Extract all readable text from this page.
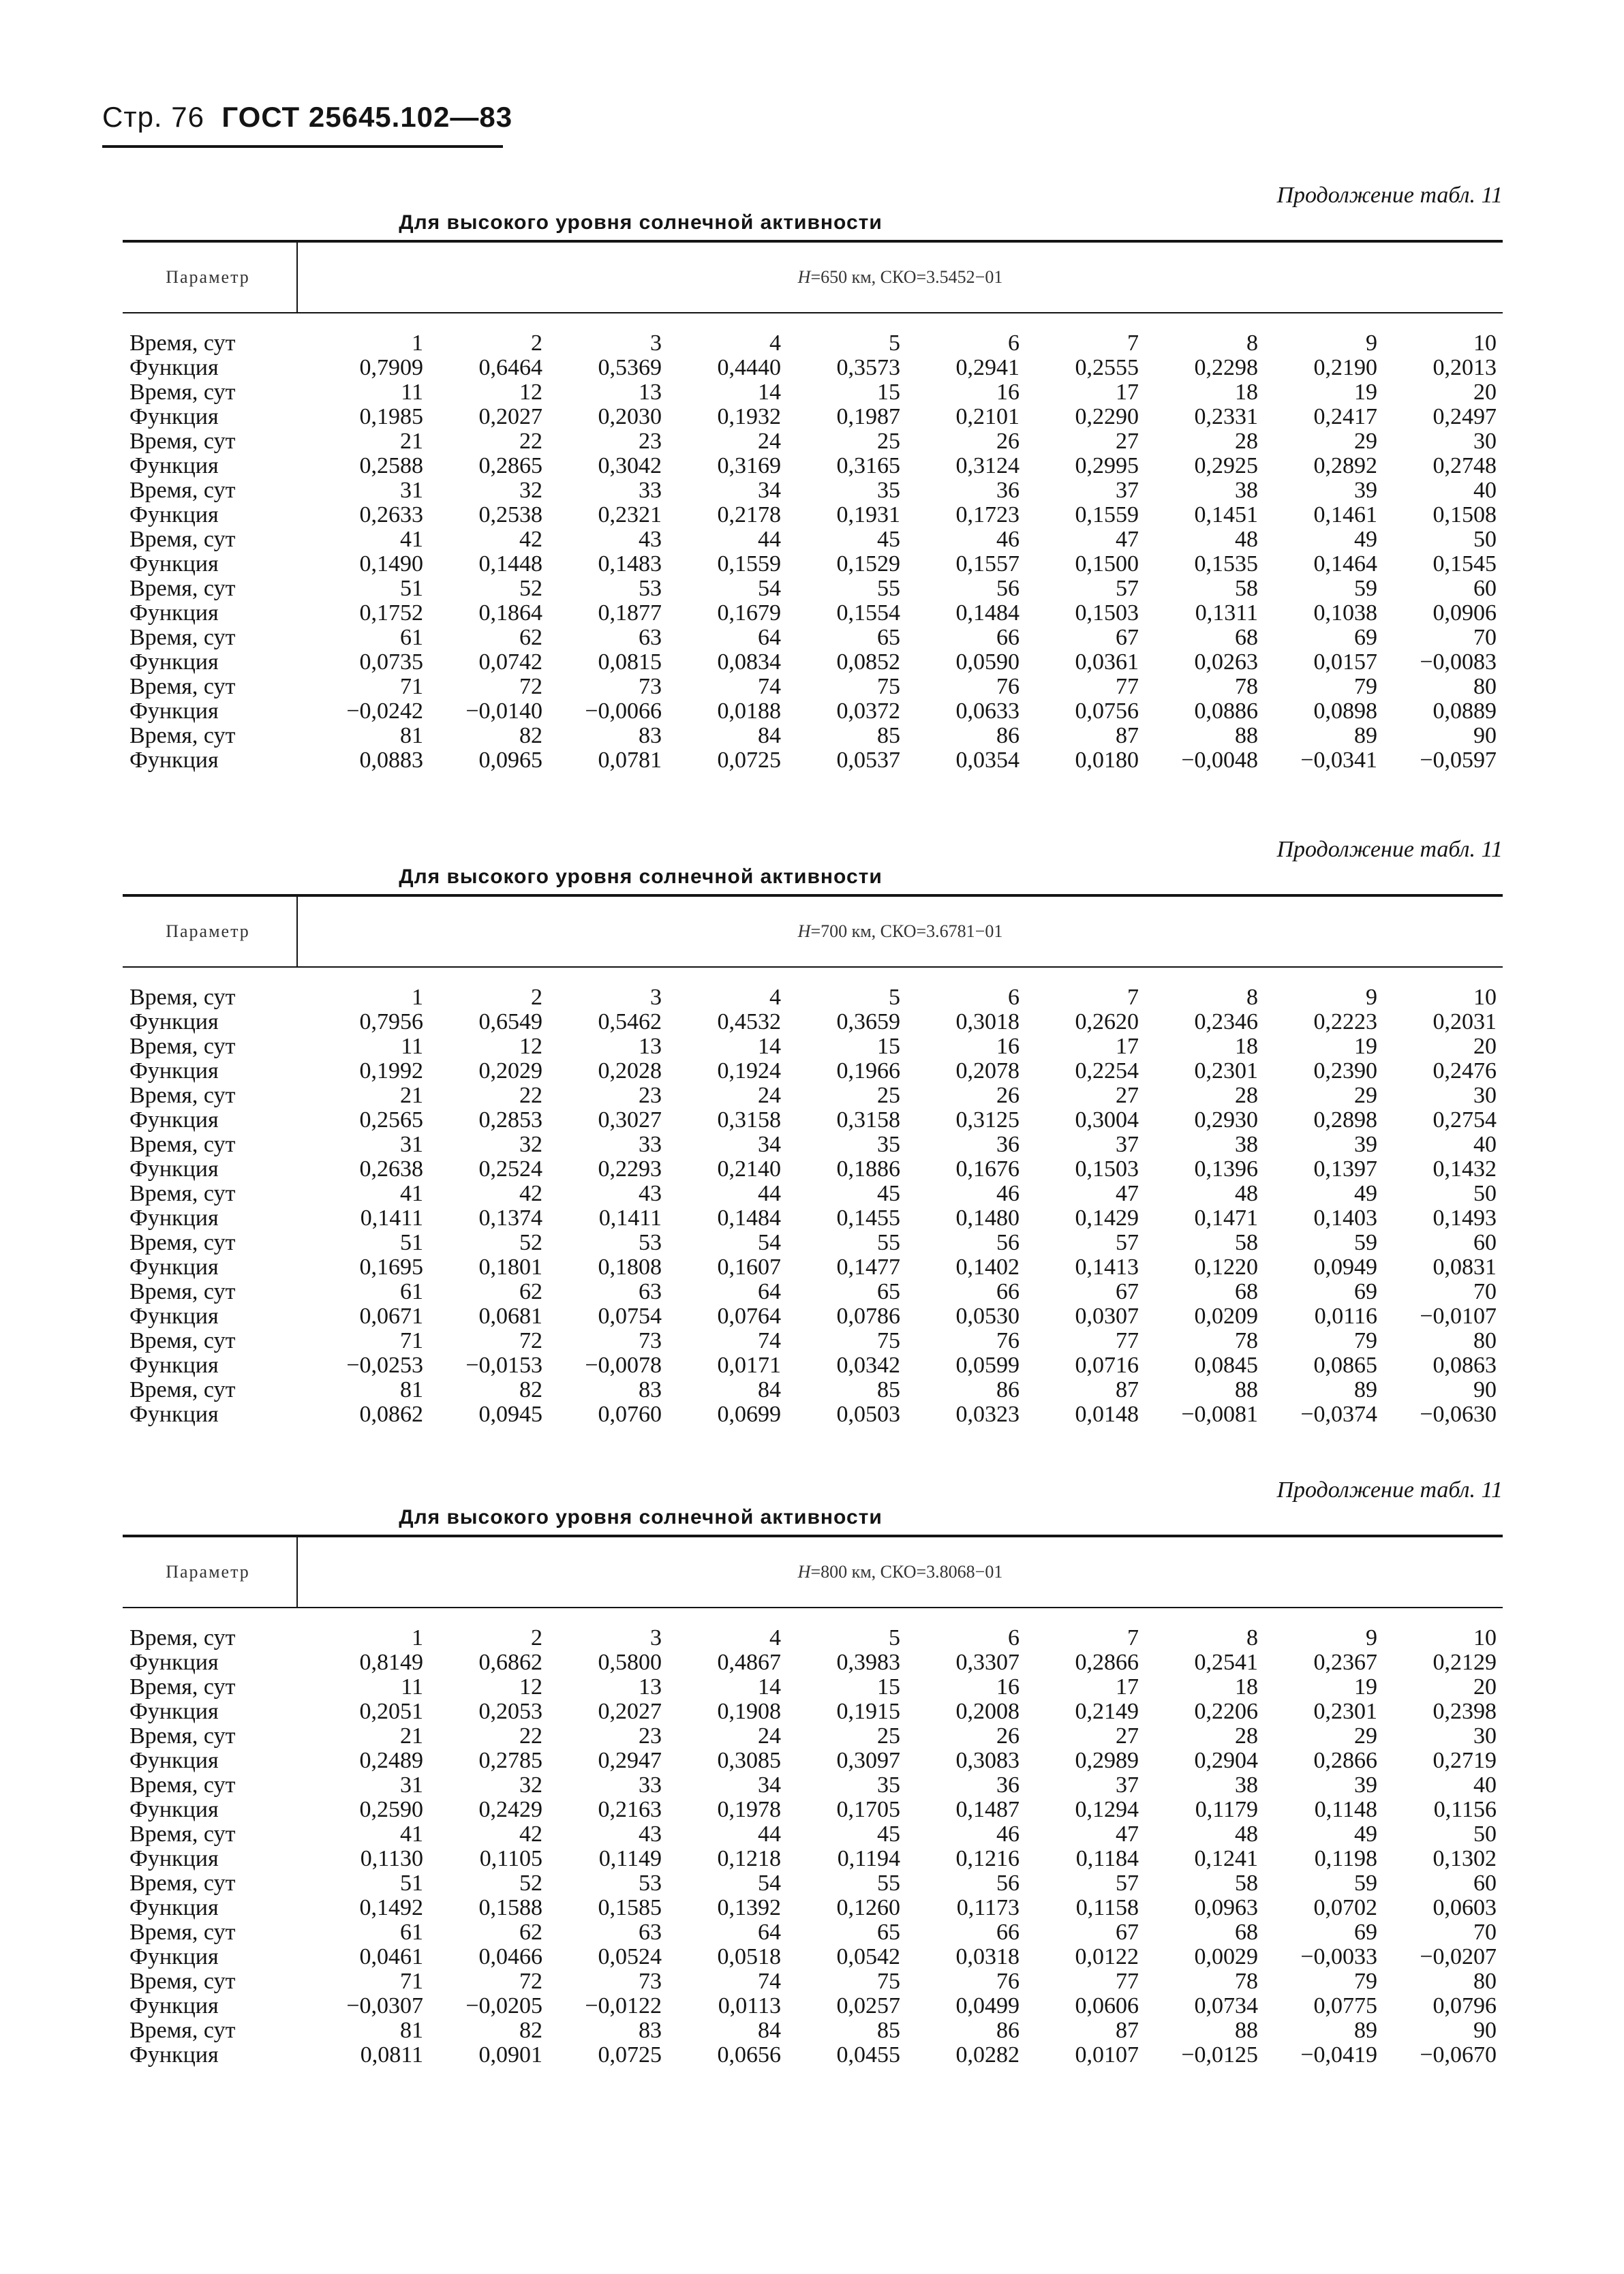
Стр. 76 ГОСТ 25645.102—83
Продолжение табл. 11
Для высокого уровня солнечной активности
Параметр	H =650 км, СКО=3.5452−01
Время, сут	1	2	3	4	5	6	7	8	9	10
Функция	0,7909	0,6464	0,5369	0,4440	0,3573	0,2941	0,2555	0,2298	0,2190	0,2013
Время, сут	11	12	13	14	15	16	17	18	19	20
Функция	0,1985	0,2027	0,2030	0,1932	0,1987	0,2101	0,2290	0,2331	0,2417	0,2497
Время, сут	21	22	23	24	25	26	27	28	29	30
Функция	0,2588	0,2865	0,3042	0,3169	0,3165	0,3124	0,2995	0,2925	0,2892	0,2748
Время, сут	31	32	33	34	35	36	37	38	39	40
Функция	0,2633	0,2538	0,2321	0,2178	0,1931	0,1723	0,1559	0,1451	0,1461	0,1508
Время, сут	41	42	43	44	45	46	47	48	49	50
Функция	0,1490	0,1448	0,1483	0,1559	0,1529	0,1557	0,1500	0,1535	0,1464	0,1545
Время, сут	51	52	53	54	55	56	57	58	59	60
Функция	0,1752	0,1864	0,1877	0,1679	0,1554	0,1484	0,1503	0,1311	0,1038	0,0906
Время, сут	61	62	63	64	65	66	67	68	69	70
Функция	0,0735	0,0742	0,0815	0,0834	0,0852	0,0590	0,0361	0,0263	0,0157	−0,0083
Время, сут	71	72	73	74	75	76	77	78	79	80
Функция	−0,0242	−0,0140	−0,0066	0,0188	0,0372	0,0633	0,0756	0,0886	0,0898	0,0889
Время, сут	81	82	83	84	85	86	87	88	89	90
Функция	0,0883	0,0965	0,0781	0,0725	0,0537	0,0354	0,0180	−0,0048	−0,0341	−0,0597
Продолжение табл. 11
Для высокого уровня солнечной активности
Параметр	H =700 км, СКО=3.6781−01
Время, сут	1	2	3	4	5	6	7	8	9	10
Функция	0,7956	0,6549	0,5462	0,4532	0,3659	0,3018	0,2620	0,2346	0,2223	0,2031
Время, сут	11	12	13	14	15	16	17	18	19	20
Функция	0,1992	0,2029	0,2028	0,1924	0,1966	0,2078	0,2254	0,2301	0,2390	0,2476
Время, сут	21	22	23	24	25	26	27	28	29	30
Функция	0,2565	0,2853	0,3027	0,3158	0,3158	0,3125	0,3004	0,2930	0,2898	0,2754
Время, сут	31	32	33	34	35	36	37	38	39	40
Функция	0,2638	0,2524	0,2293	0,2140	0,1886	0,1676	0,1503	0,1396	0,1397	0,1432
Время, сут	41	42	43	44	45	46	47	48	49	50
Функция	0,1411	0,1374	0,1411	0,1484	0,1455	0,1480	0,1429	0,1471	0,1403	0,1493
Время, сут	51	52	53	54	55	56	57	58	59	60
Функция	0,1695	0,1801	0,1808	0,1607	0,1477	0,1402	0,1413	0,1220	0,0949	0,0831
Время, сут	61	62	63	64	65	66	67	68	69	70
Функция	0,0671	0,0681	0,0754	0,0764	0,0786	0,0530	0,0307	0,0209	0,0116	−0,0107
Время, сут	71	72	73	74	75	76	77	78	79	80
Функция	−0,0253	−0,0153	−0,0078	0,0171	0,0342	0,0599	0,0716	0,0845	0,0865	0,0863
Время, сут	81	82	83	84	85	86	87	88	89	90
Функция	0,0862	0,0945	0,0760	0,0699	0,0503	0,0323	0,0148	−0,0081	−0,0374	−0,0630
Продолжение табл. 11
Для высокого уровня солнечной активности
Параметр	H =800 км, СКО=3.8068−01
Время, сут	1	2	3	4	5	6	7	8	9	10
Функция	0,8149	0,6862	0,5800	0,4867	0,3983	0,3307	0,2866	0,2541	0,2367	0,2129
Время, сут	11	12	13	14	15	16	17	18	19	20
Функция	0,2051	0,2053	0,2027	0,1908	0,1915	0,2008	0,2149	0,2206	0,2301	0,2398
Время, сут	21	22	23	24	25	26	27	28	29	30
Функция	0,2489	0,2785	0,2947	0,3085	0,3097	0,3083	0,2989	0,2904	0,2866	0,2719
Время, сут	31	32	33	34	35	36	37	38	39	40
Функция	0,2590	0,2429	0,2163	0,1978	0,1705	0,1487	0,1294	0,1179	0,1148	0,1156
Время, сут	41	42	43	44	45	46	47	48	49	50
Функция	0,1130	0,1105	0,1149	0,1218	0,1194	0,1216	0,1184	0,1241	0,1198	0,1302
Время, сут	51	52	53	54	55	56	57	58	59	60
Функция	0,1492	0,1588	0,1585	0,1392	0,1260	0,1173	0,1158	0,0963	0,0702	0,0603
Время, сут	61	62	63	64	65	66	67	68	69	70
Функция	0,0461	0,0466	0,0524	0,0518	0,0542	0,0318	0,0122	0,0029	−0,0033	−0,0207
Время, сут	71	72	73	74	75	76	77	78	79	80
Функция	−0,0307	−0,0205	−0,0122	0,0113	0,0257	0,0499	0,0606	0,0734	0,0775	0,0796
Время, сут	81	82	83	84	85	86	87	88	89	90
Функция	0,0811	0,0901	0,0725	0,0656	0,0455	0,0282	0,0107	−0,0125	−0,0419	−0,0670
